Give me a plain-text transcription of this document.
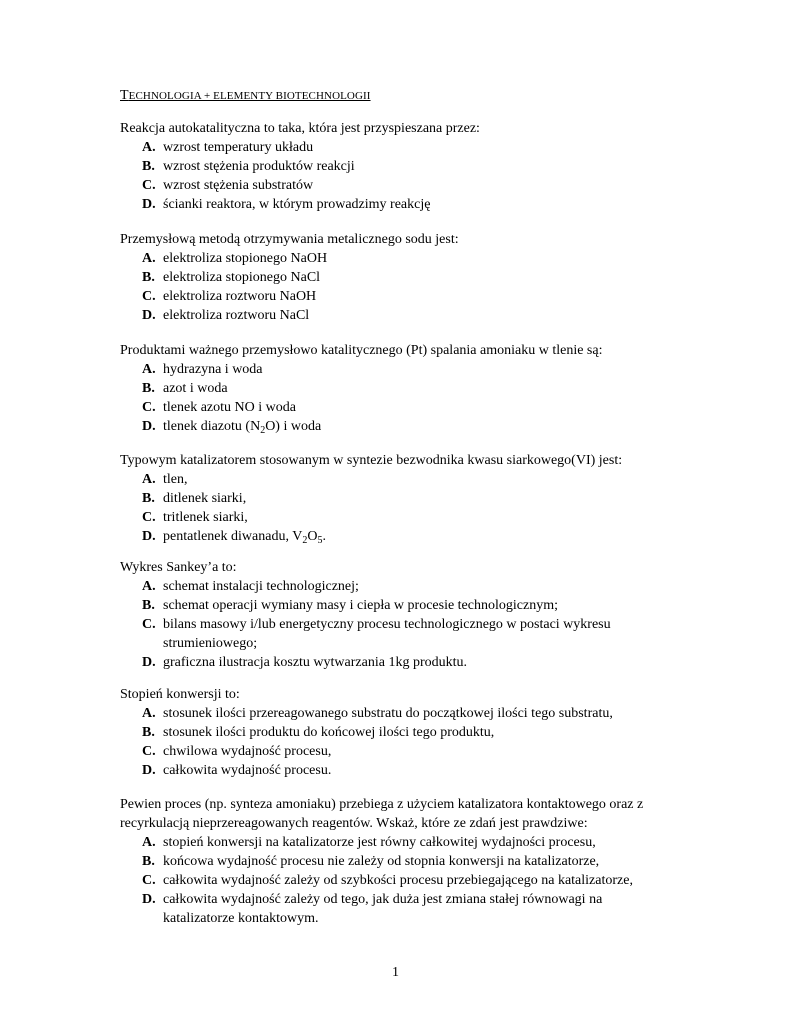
TECHNOLOGIA + ELEMENTY BIOTECHNOLOGII

Reakcja autokatalityczna to taka, która jest przyspieszana przez:

A. wzrost temperatury układu
B. wzrost stężenia produktów reakcji
C. wzrost stężenia substratów
D. ścianki reaktora, w którym prowadzimy reakcję

Przemysłową metodą otrzymywania metalicznego sodu jest:

A. elektroliza stopionego NaOH
B. elektroliza stopionego NaCl
C. elektroliza roztworu NaOH
D. elektroliza roztworu NaCl

Produktami ważnego przemysłowo katalitycznego (Pt) spalania amoniaku w tlenie są:

A. hydrazyna i woda
B. azot i woda
C. tlenek azotu NO i woda
D. tlenek diazotu $(N_2O)$ i woda

Typowym katalizatorem stosowanym w syntezie bezwodnika kwasu siarkowego(VI) jest:

A. tlen,
B. ditlenek siarki,
C. tritlenek siarki,
D. pentatlenek diwanadu, $V_2O_5$.

Wykres Sankey’a to:

A. schemat instalacji technologicznej;
B. schemat operacji wymiany masy i ciepła w procesie technologicznym;
C. bilans masowy i/lub energetyczny procesu technologicznego w postaci wykresu strumieniowego;
D. graficzna ilustracja kosztu wytwarzania 1kg produktu.

Stopień konwersji to:

A. stosunek ilości przereagowanego substratu do początkowej ilości tego substratu,
B. stosunek ilości produktu do końcowej ilości tego produktu,
C. chwilowa wydajność procesu,
D. całkowita wydajność procesu.

Pewien proces (np. synteza amoniaku) przebiega z użyciem katalizatora kontaktowego oraz z recyrkulacją nieprzereagowanych reagentów. Wskaż, które ze zdań jest prawdziwe:

A. stopień konwersji na katalizatorze jest równy całkowitej wydajności procesu,
B. końcowa wydajność procesu nie zależy od stopnia konwersji na katalizatorze,
C. całkowita wydajność zależy od szybkości procesu przebiegającego na katalizatorze,
D. całkowita wydajność zależy od tego, jak duża jest zmiana stałej równowagi na katalizatorze kontaktowym.
1
